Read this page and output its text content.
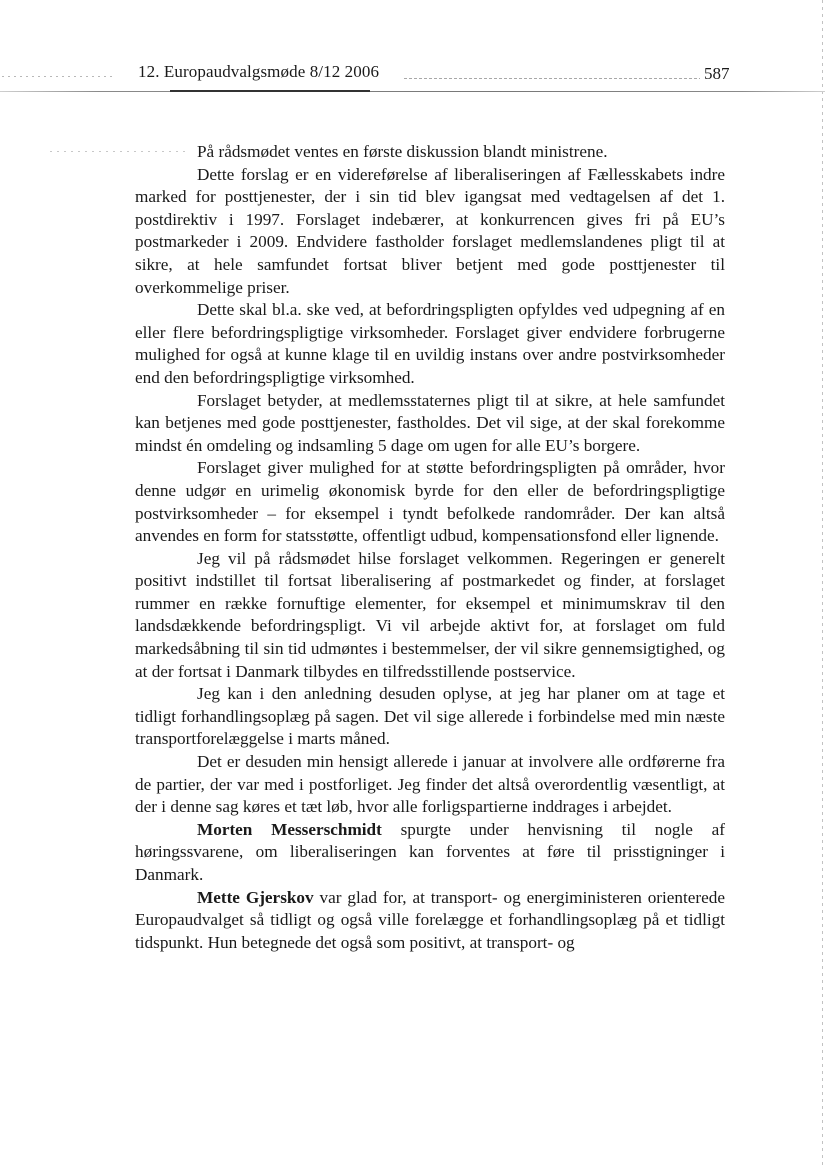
12. Europaudvalgsmøde 8/12 2006	587

På rådsmødet ventes en første diskussion blandt ministrene.

Dette forslag er en videreførelse af liberaliseringen af Fællesskabets indre marked for posttjenester, der i sin tid blev igangsat med vedtagelsen af det 1. postdirektiv i 1997. Forslaget indebærer, at konkurrencen gives fri på EU’s postmarkeder i 2009. Endvidere fastholder forslaget medlemslandenes pligt til at sikre, at hele samfundet fortsat bliver betjent med gode posttjenester til overkommelige priser.

Dette skal bl.a. ske ved, at befordringspligten opfyldes ved udpegning af en eller flere befordringspligtige virksomheder. Forslaget giver endvidere forbrugerne mulighed for også at kunne klage til en uvildig instans over andre postvirksomheder end den befordringspligtige virksomhed.

Forslaget betyder, at medlemsstaternes pligt til at sikre, at hele samfundet kan betjenes med gode posttjenester, fastholdes. Det vil sige, at der skal forekomme mindst én omdeling og indsamling 5 dage om ugen for alle EU’s borgere.

Forslaget giver mulighed for at støtte befordringspligten på områder, hvor denne udgør en urimelig økonomisk byrde for den eller de befordringspligtige postvirksomheder – for eksempel i tyndt befolkede randområder. Der kan altså anvendes en form for statsstøtte, offentligt udbud, kompensationsfond eller lignende.

Jeg vil på rådsmødet hilse forslaget velkommen. Regeringen er generelt positivt indstillet til fortsat liberalisering af postmarkedet og finder, at forslaget rummer en række fornuftige elementer, for eksempel et minimumskrav til den landsdækkende befordringspligt. Vi vil arbejde aktivt for, at forslaget om fuld markedsåbning til sin tid udmøntes i bestemmelser, der vil sikre gennemsigtighed, og at der fortsat i Danmark tilbydes en tilfredsstillende postservice.

Jeg kan i den anledning desuden oplyse, at jeg har planer om at tage et tidligt forhandlingsoplæg på sagen. Det vil sige allerede i forbindelse med min næste transportforelæggelse i marts måned.

Det er desuden min hensigt allerede i januar at involvere alle ordførerne fra de partier, der var med i postforliget. Jeg finder det altså overordentlig væsentligt, at der i denne sag køres et tæt løb, hvor alle forligspartierne inddrages i arbejdet.

Morten Messerschmidt spurgte under henvisning til nogle af høringssvarene, om liberaliseringen kan forventes at føre til prisstigninger i Danmark.

Mette Gjerskov var glad for, at transport- og energiministeren orienterede Europaudvalget så tidligt og også ville forelægge et forhandlingsoplæg på et tidligt tidspunkt. Hun betegnede det også som positivt, at transport- og
